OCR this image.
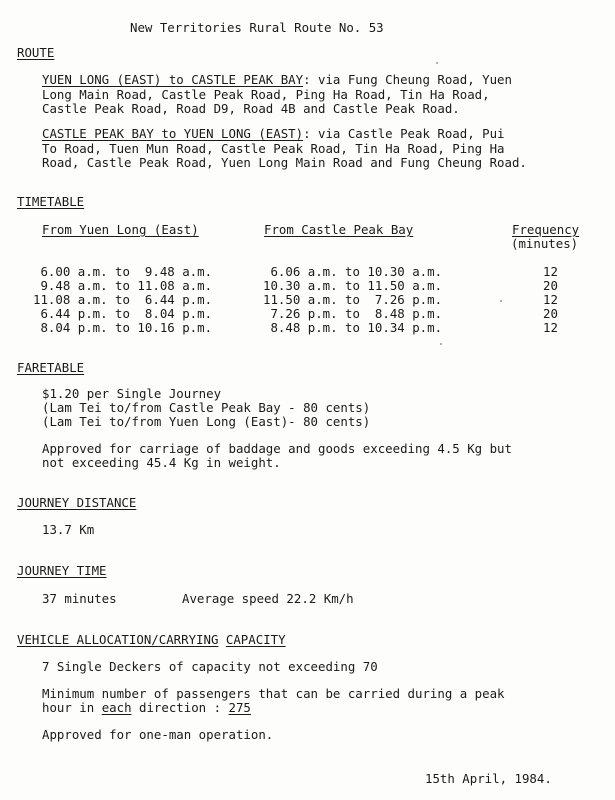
New Territories Rural Route No. 53
ROUTE
YUEN LONG (EAST) to CASTLE PEAK BAY: via Fung Cheung Road, Yuen
Long Main Road, Castle Peak Road, Ping Ha Road, Tin Ha Road,
Castle Peak Road, Road D9, Road 4B and Castle Peak Road.
CASTLE PEAK BAY to YUEN LONG (EAST): via Castle Peak Road, Pui
To Road, Tuen Mun Road, Castle Peak Road, Tin Ha Road, Ping Ha
Road, Castle Peak Road, Yuen Long Main Road and Fung Cheung Road.
TIMETABLE
From Yuen Long (East)	From Castle Peak Bay	Frequency
(minutes)
6.00 a.m. to  9.48 a.m.	6.06 a.m. to 10.30 a.m.	12
9.48 a.m. to 11.08 a.m.	10.30 a.m. to 11.50 a.m.	20
11.08 a.m. to  6.44 p.m.	11.50 a.m. to  7.26 p.m.	12
6.44 p.m. to  8.04 p.m.	7.26 p.m. to  8.48 p.m.	20
8.04 p.m. to 10.16 p.m.	8.48 p.m. to 10.34 p.m.	12
FARETABLE
$1.20 per Single Journey
(Lam Tei to/from Castle Peak Bay - 80 cents)
(Lam Tei to/from Yuen Long (East)- 80 cents)
Approved for carriage of baddage and goods exceeding 4.5 Kg but
not exceeding 45.4 Kg in weight.
JOURNEY DISTANCE
13.7 Km
JOURNEY TIME
37 minutes	Average speed 22.2 Km/h
VEHICLE ALLOCATION/CARRYING CAPACITY
7 Single Deckers of capacity not exceeding 70
Minimum number of passengers that can be carried during a peak
hour in each direction : 275
Approved for one-man operation.
15th April, 1984.
